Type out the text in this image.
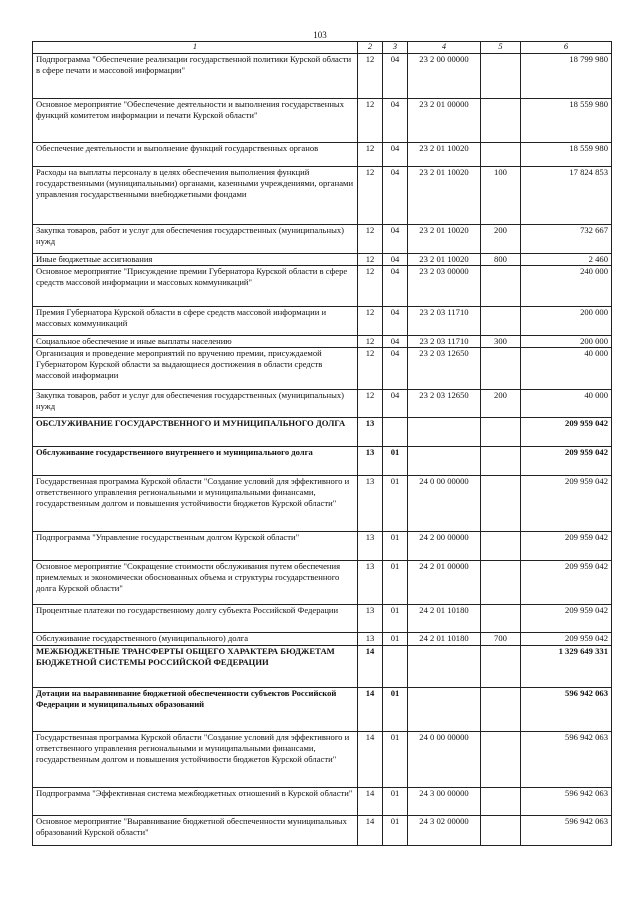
103
1	2	3	4	5	6
Подпрограмма "Обеспечение реализации государственной политики Курской области в сфере печати и массовой информации"	12	04	23 2 00 00000		18 799 980
Основное мероприятие "Обеспечение деятельности и выполнения государственных функций комитетом информации и печати Курской области"	12	04	23 2 01 00000		18 559 980
Обеспечение деятельности и выполнение функций государственных органов	12	04	23 2 01 10020		18 559 980
Расходы на выплаты персоналу в целях обеспечения выполнения функций государственными (муниципальными) органами, казенными учреждениями, органами управления государственными внебюджетными фондами	12	04	23 2 01 10020	100	17 824 853
Закупка товаров, работ и услуг для обеспечения государственных (муниципальных) нужд	12	04	23 2 01 10020	200	732 667
Иные бюджетные ассигнования	12	04	23 2 01 10020	800	2 460
Основное мероприятие "Присуждение премии Губернатора Курской области в сфере средств массовой информации и массовых коммуникаций"	12	04	23 2 03 00000		240 000
Премия Губернатора Курской области в сфере средств массовой информации и массовых коммуникаций	12	04	23 2 03 11710		200 000
Социальное обеспечение и иные выплаты населению	12	04	23 2 03 11710	300	200 000
Организация и проведение мероприятий по вручению премии, присуждаемой Губернатором Курской области за выдающиеся достижения в области средств массовой информации	12	04	23 2 03 12650		40 000
Закупка товаров, работ и услуг для обеспечения государственных (муниципальных) нужд	12	04	23 2 03 12650	200	40 000
ОБСЛУЖИВАНИЕ ГОСУДАРСТВЕННОГО И МУНИЦИПАЛЬНОГО ДОЛГА	13				209 959 042
Обслуживание государственного внутреннего и муниципального долга	13	01			209 959 042
Государственная программа Курской области "Создание условий для эффективного и ответственного управления региональными и муниципальными финансами, государственным долгом и повышения устойчивости бюджетов Курской области"	13	01	24 0 00 00000		209 959 042
Подпрограмма "Управление государственным долгом Курской области"	13	01	24 2 00 00000		209 959 042
Основное мероприятие "Сокращение стоимости обслуживания путем обеспечения приемлемых и экономически обоснованных объема и структуры государственного долга Курской области"	13	01	24 2 01 00000		209 959 042
Процентные платежи по государственному долгу субъекта Российской Федерации	13	01	24 2 01 10180		209 959 042
Обслуживание государственного (муниципального) долга	13	01	24 2 01 10180	700	209 959 042
МЕЖБЮДЖЕТНЫЕ ТРАНСФЕРТЫ ОБЩЕГО ХАРАКТЕРА БЮДЖЕТАМ БЮДЖЕТНОЙ СИСТЕМЫ РОССИЙСКОЙ ФЕДЕРАЦИИ	14				1 329 649 331
Дотации на выравнивание бюджетной обеспеченности субъектов Российской Федерации и муниципальных образований	14	01			596 942 063
Государственная программа Курской области "Создание условий для эффективного и ответственного управления региональными и муниципальными финансами, государственным долгом и повышения устойчивости бюджетов Курской области"	14	01	24 0 00 00000		596 942 063
Подпрограмма "Эффективная система межбюджетных отношений в Курской области"	14	01	24 3 00 00000		596 942 063
Основное мероприятие "Выравнивание бюджетной обеспеченности муниципальных образований Курской области"	14	01	24 3 02 00000		596 942 063
